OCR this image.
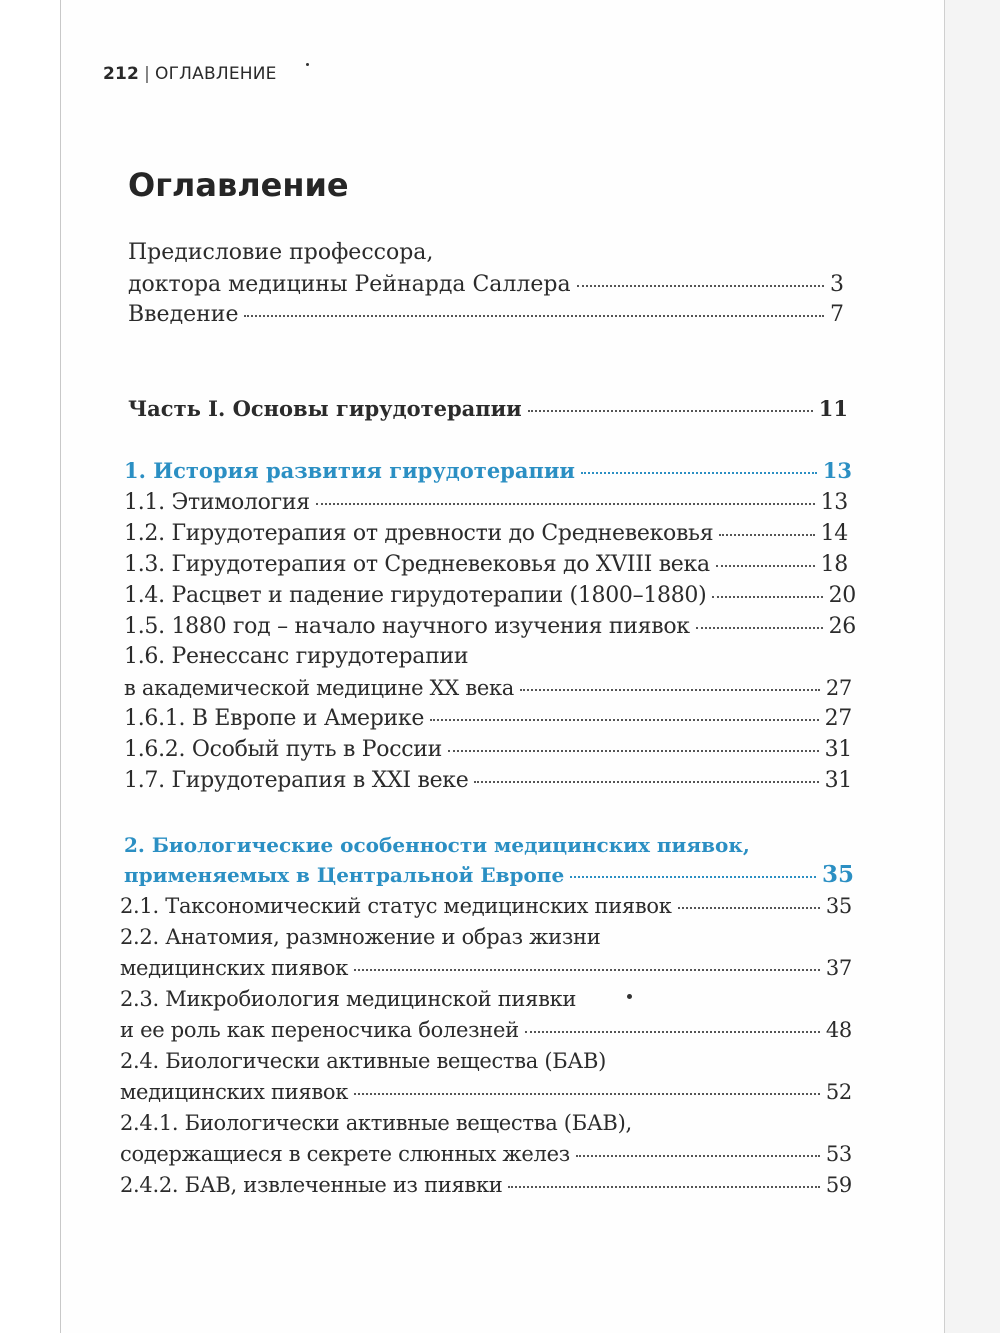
212 | ОГЛАВЛЕНИЕ
Оглавление
Предисловие профессора,
доктора медицины Рейнарда Саллера	3
Введение	7
Часть I. Основы гирудотерапии	11
1. История развития гирудотерапии	13
1.1. Этимология	13
1.2. Гирудотерапия от древности до Средневековья	14
1.3. Гирудотерапия от Средневековья до XVIII века	18
1.4. Расцвет и падение гирудотерапии (1800–1880)	20
1.5. 1880 год – начало научного изучения пиявок	26
1.6. Ренессанс гирудотерапии
в академической медицине XX века	27
1.6.1. В Европе и Америке	27
1.6.2. Особый путь в России	31
1.7. Гирудотерапия в XXI веке	31
2. Биологические особенности медицинских пиявок,
применяемых в Центральной Европе	35
2.1. Таксономический статус медицинских пиявок	35
2.2. Анатомия, размножение и образ жизни
медицинских пиявок	37
2.3. Микробиология медицинской пиявки
и ее роль как переносчика болезней	48
2.4. Биологически активные вещества (БАВ)
медицинских пиявок	52
2.4.1. Биологически активные вещества (БАВ),
содержащиеся в секрете слюнных желез	53
2.4.2. БАВ, извлеченные из пиявки	59
